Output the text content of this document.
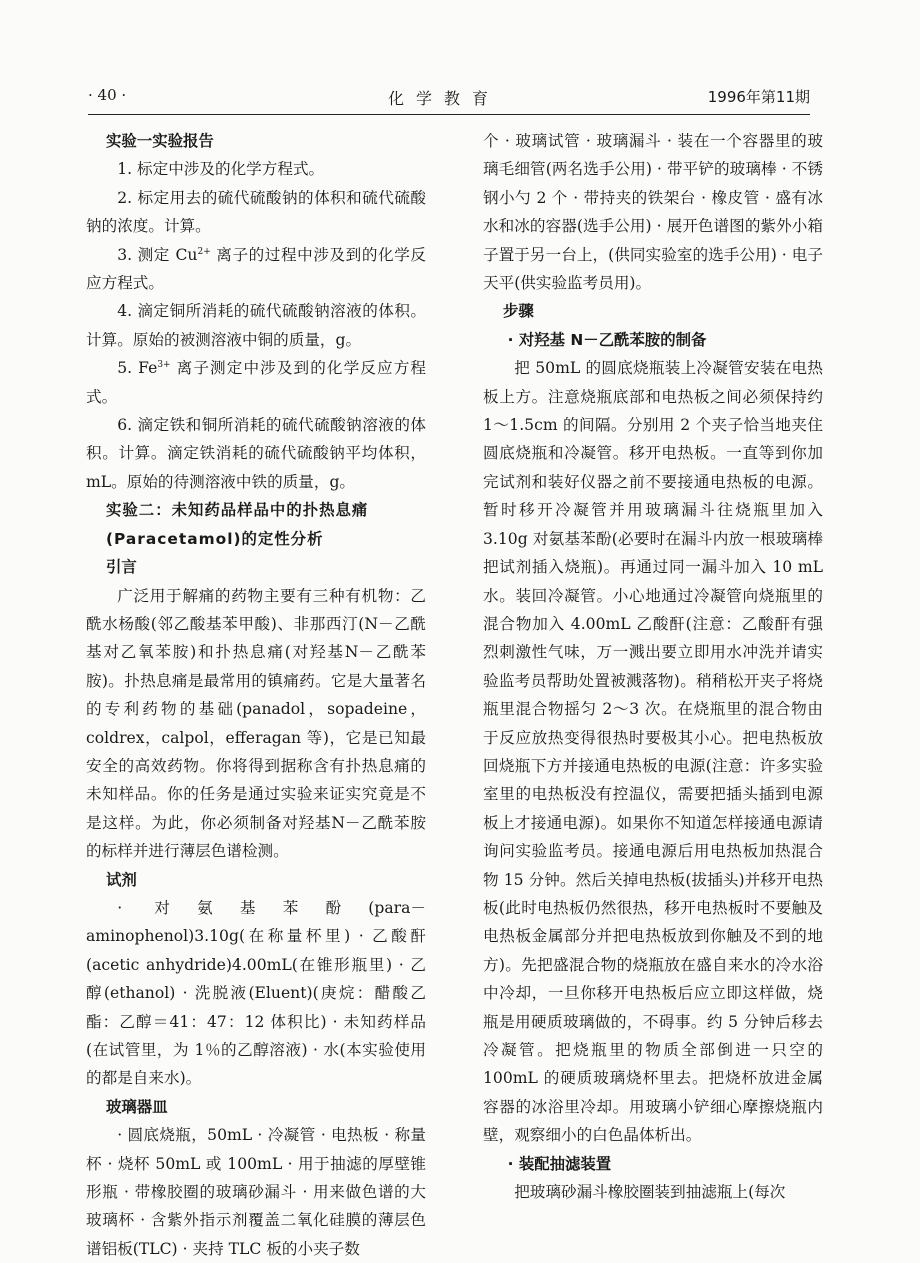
· 40 ·	化学教育	1996年第11期

实验一实验报告

1. 标定中涉及的化学方程式。

2. 标定用去的硫代硫酸钠的体积和硫代硫酸钠的浓度。计算。

3. 测定 $Cu^{2+}$ 离子的过程中涉及到的化学反应方程式。

4. 滴定铜所消耗的硫代硫酸钠溶液的体积。计算。原始的被测溶液中铜的质量，g。

5. $Fe^{3+}$ 离子测定中涉及到的化学反应方程式。

6. 滴定铁和铜所消耗的硫代硫酸钠溶液的体积。计算。滴定铁消耗的硫代硫酸钠平均体积，mL。原始的待测溶液中铁的质量，g。

实验二：未知药品样品中的扑热息痛

(Paracetamol)的定性分析

引言

广泛用于解痛的药物主要有三种有机物：乙酰水杨酸(邻乙酸基苯甲酸)、非那西汀(N－乙酰基对乙氧苯胺)和扑热息痛(对羟基N－乙酰苯胺)。扑热息痛是最常用的镇痛药。它是大量著名的专利药物的基础(panadol，sopadeine，coldrex，calpol，efferagan 等)，它是已知最安全的高效药物。你将得到据称含有扑热息痛的未知样品。你的任务是通过实验来证实究竟是不是这样。为此，你必须制备对羟基N－乙酰苯胺的标样并进行薄层色谱检测。

试剂

· 对氨基苯酚(para－aminophenol)3.10g(在称量杯里) · 乙酸酐(acetic anhydride)4.00mL(在锥形瓶里) · 乙醇(ethanol) · 洗脱液(Eluent)(庚烷：醋酸乙酯：乙醇＝41：47：12 体积比) · 未知药样品(在试管里，为 1％的乙醇溶液) · 水(本实验使用的都是自来水)。

玻璃器皿

· 圆底烧瓶，50mL · 冷凝管 · 电热板 · 称量杯 · 烧杯 50mL 或 100mL · 用于抽滤的厚壁锥形瓶 · 带橡胶圈的玻璃砂漏斗 · 用来做色谱的大玻璃杯 · 含紫外指示剂覆盖二氧化硅膜的薄层色谱铝板(TLC) · 夹持 TLC 板的小夹子数

个 · 玻璃试管 · 玻璃漏斗 · 装在一个容器里的玻璃毛细管(两名选手公用) · 带平铲的玻璃棒 · 不锈钢小勺 2 个 · 带持夹的铁架台 · 橡皮管 · 盛有冰水和冰的容器(选手公用) · 展开色谱图的紫外小箱子置于另一台上，(供同实验室的选手公用) · 电子天平(供实验监考员用)。

步骤

· 对羟基 N－乙酰苯胺的制备

把 50mL 的圆底烧瓶装上冷凝管安装在电热板上方。注意烧瓶底部和电热板之间必须保持约 1～1.5cm 的间隔。分别用 2 个夹子恰当地夹住圆底烧瓶和冷凝管。移开电热板。一直等到你加完试剂和装好仪器之前不要接通电热板的电源。暂时移开冷凝管并用玻璃漏斗往烧瓶里加入 3.10g 对氨基苯酚(必要时在漏斗内放一根玻璃棒把试剂插入烧瓶)。再通过同一漏斗加入 10 mL 水。装回冷凝管。小心地通过冷凝管向烧瓶里的混合物加入 4.00mL 乙酸酐(注意：乙酸酐有强烈刺激性气味，万一溅出要立即用水冲洗并请实验监考员帮助处置被溅落物)。稍稍松开夹子将烧瓶里混合物摇匀 2～3 次。在烧瓶里的混合物由于反应放热变得很热时要极其小心。把电热板放回烧瓶下方并接通电热板的电源(注意：许多实验室里的电热板没有控温仪，需要把插头插到电源板上才接通电源)。如果你不知道怎样接通电源请询问实验监考员。接通电源后用电热板加热混合物 15 分钟。然后关掉电热板(拔插头)并移开电热板(此时电热板仍然很热，移开电热板时不要触及电热板金属部分并把电热板放到你触及不到的地方)。先把盛混合物的烧瓶放在盛自来水的冷水浴中冷却，一旦你移开电热板后应立即这样做，烧瓶是用硬质玻璃做的，不碍事。约 5 分钟后移去冷凝管。把烧瓶里的物质全部倒进一只空的 100mL 的硬质玻璃烧杯里去。把烧杯放进金属容器的冰浴里冷却。用玻璃小铲细心摩擦烧瓶内壁，观察细小的白色晶体析出。

· 装配抽滤装置

把玻璃砂漏斗橡胶圈装到抽滤瓶上(每次
